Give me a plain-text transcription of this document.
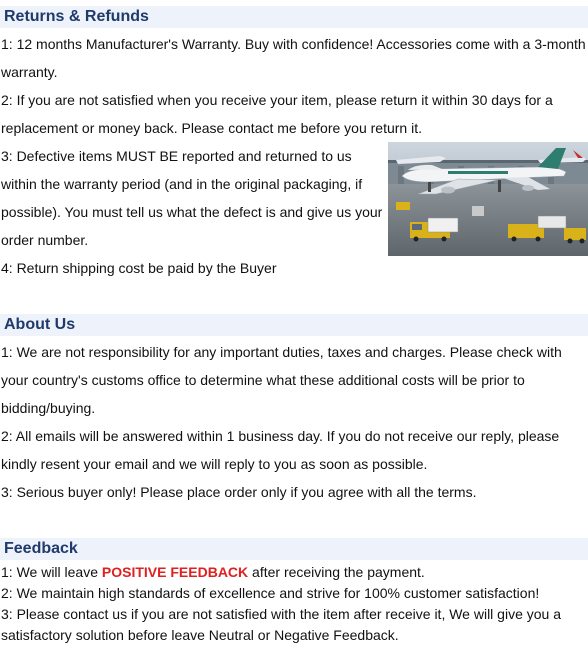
Returns & Refunds
1: 12 months Manufacturer's Warranty. Buy with confidence! Accessories come with a 3-month
warranty.
2: If you are not satisfied when you receive your item, please return it within 30 days for a
replacement or money back. Please contact me before you return it.
3: Defective items MUST BE reported and returned to us
within the warranty period (and in the original packaging, if
possible). You must tell us what the defect is and give us your
order number.
4: Return shipping cost be paid by the Buyer
About Us
1: We are not responsibility for any important duties, taxes and charges. Please check with
your country's customs office to determine what these additional costs will be prior to
bidding/buying.
2: All emails will be answered within 1 business day. If you do not receive our reply, please
kindly resent your email and we will reply to you as soon as possible.
3: Serious buyer only! Please place order only if you agree with all the terms.
Feedback
1: We will leave POSITIVE FEEDBACK after receiving the payment.
2: We maintain high standards of excellence and strive for 100% customer satisfaction!
3: Please contact us if you are not satisfied with the item after receive it, We will give you a
satisfactory solution before leave Neutral or Negative Feedback.
